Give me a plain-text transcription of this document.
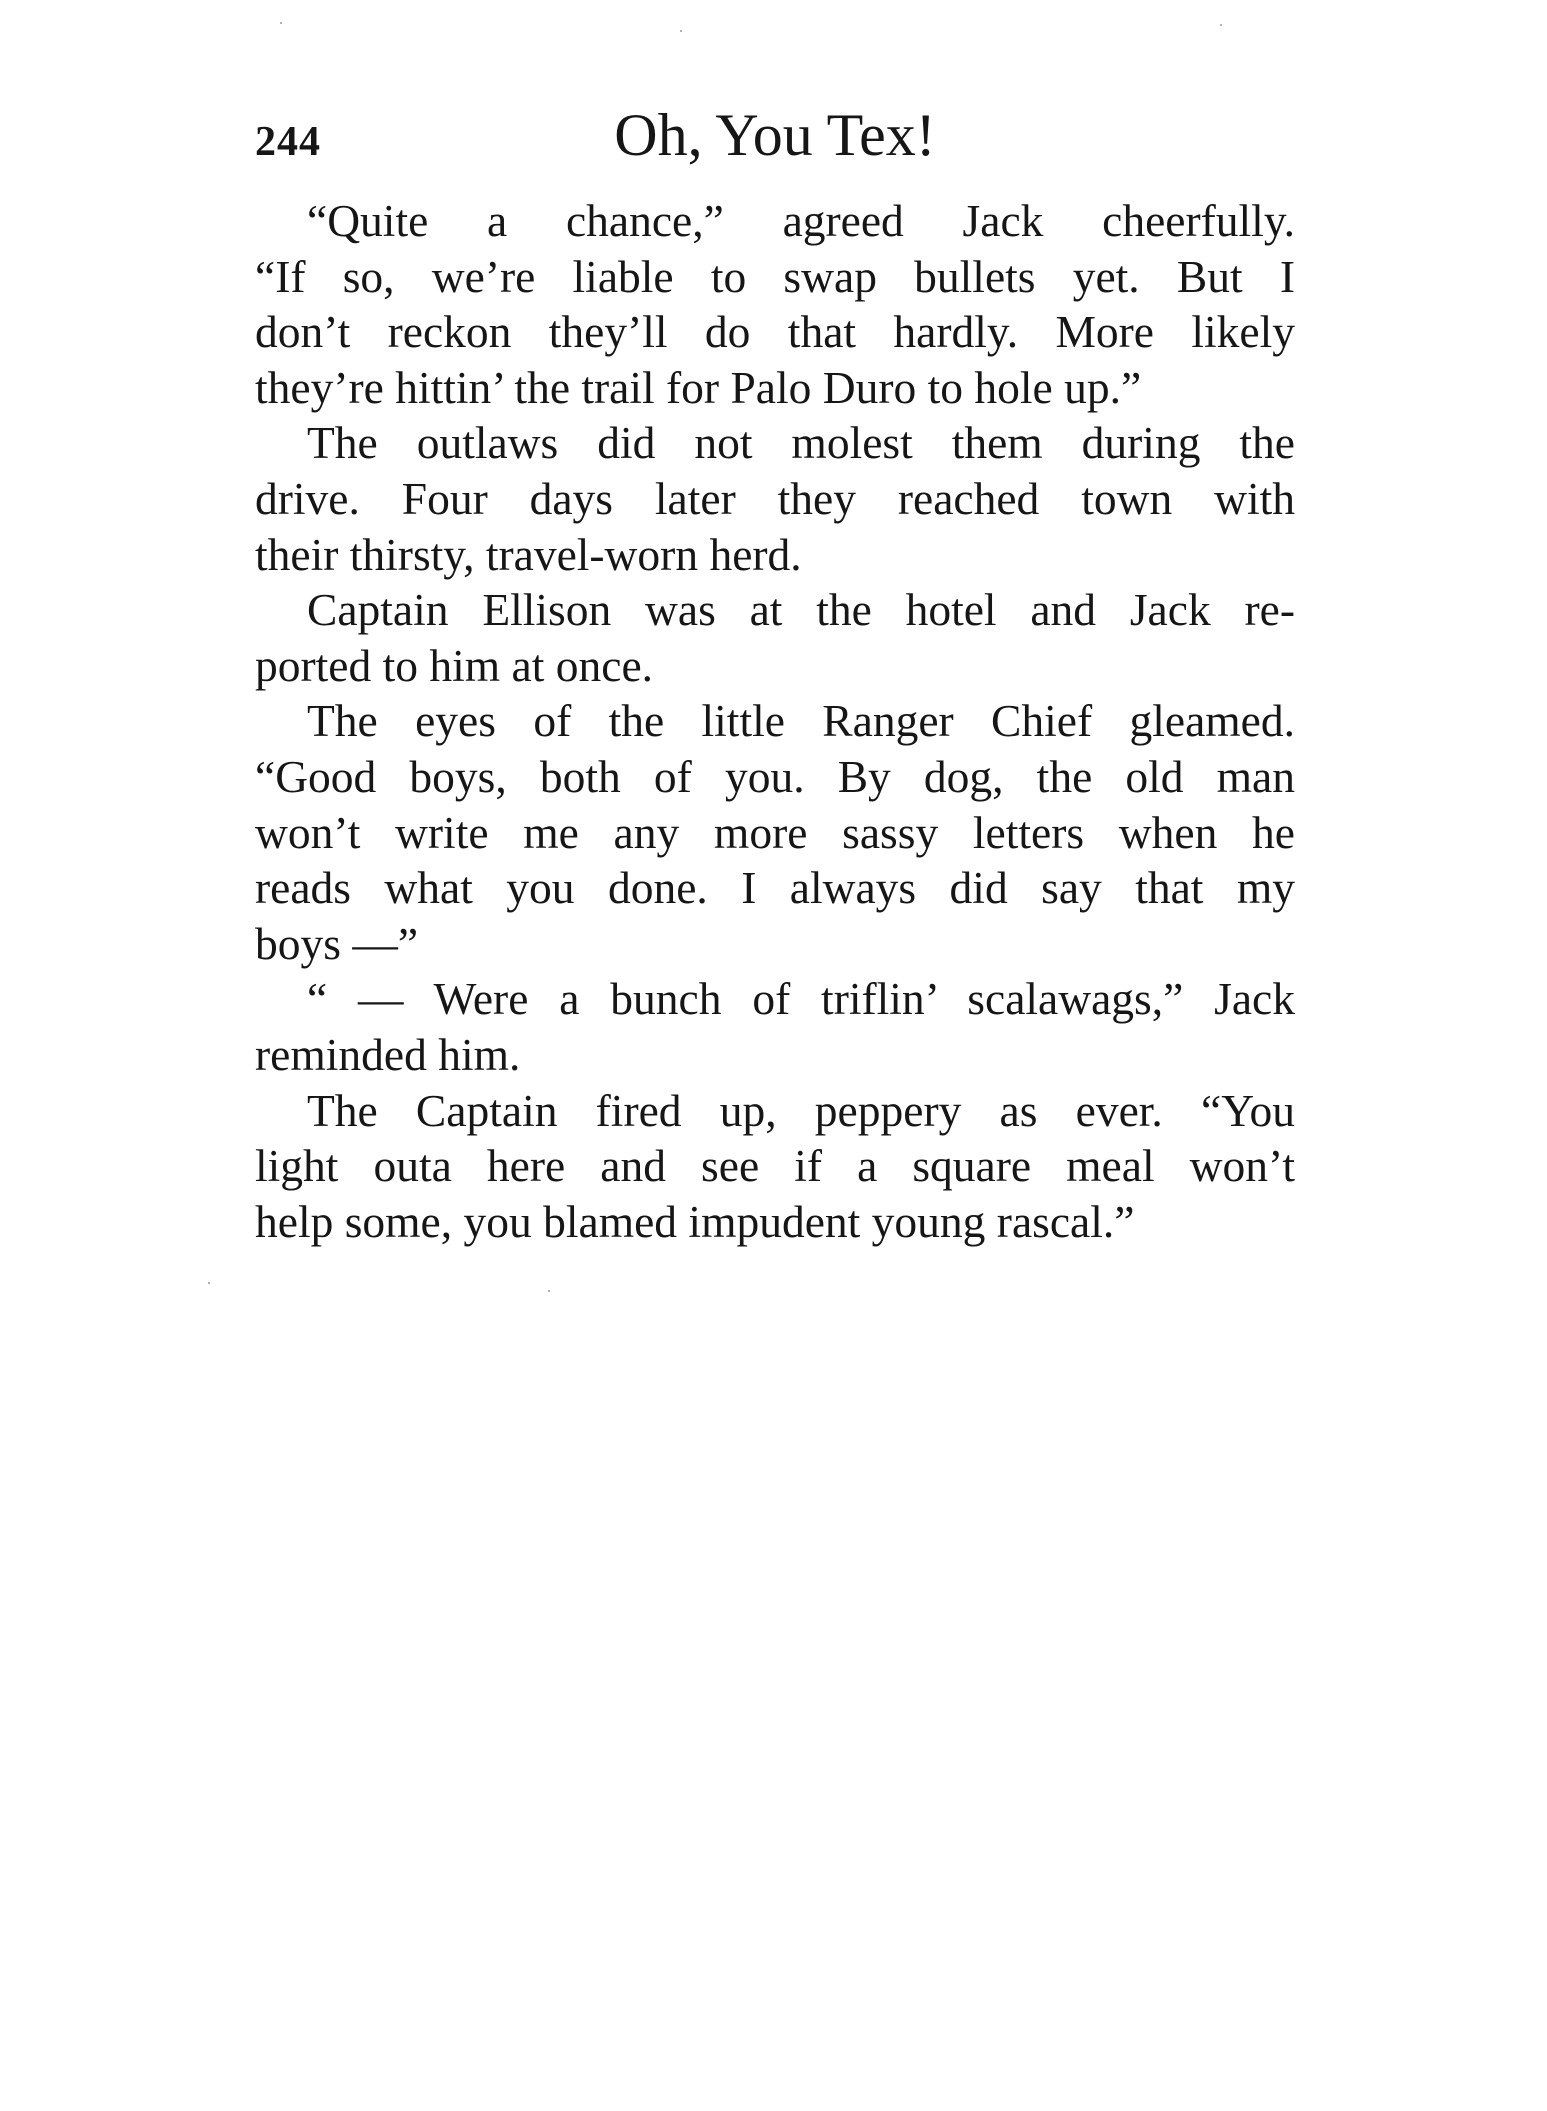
244	Oh, You Tex!

“Quite a chance,” agreed Jack cheerfully.
“If so, we’re liable to swap bullets yet. But I
don’t reckon they’ll do that hardly. More likely
they’re hittin’ the trail for Palo Duro to hole up.”

The outlaws did not molest them during the
drive. Four days later they reached town with
their thirsty, travel-worn herd.

Captain Ellison was at the hotel and Jack re-
ported to him at once.

The eyes of the little Ranger Chief gleamed.
“Good boys, both of you. By dog, the old man
won’t write me any more sassy letters when he
reads what you done. I always did say that my
boys —”

“ — Were a bunch of triflin’ scalawags,” Jack
reminded him.

The Captain fired up, peppery as ever. “You
light outa here and see if a square meal won’t
help some, you blamed impudent young rascal.”
